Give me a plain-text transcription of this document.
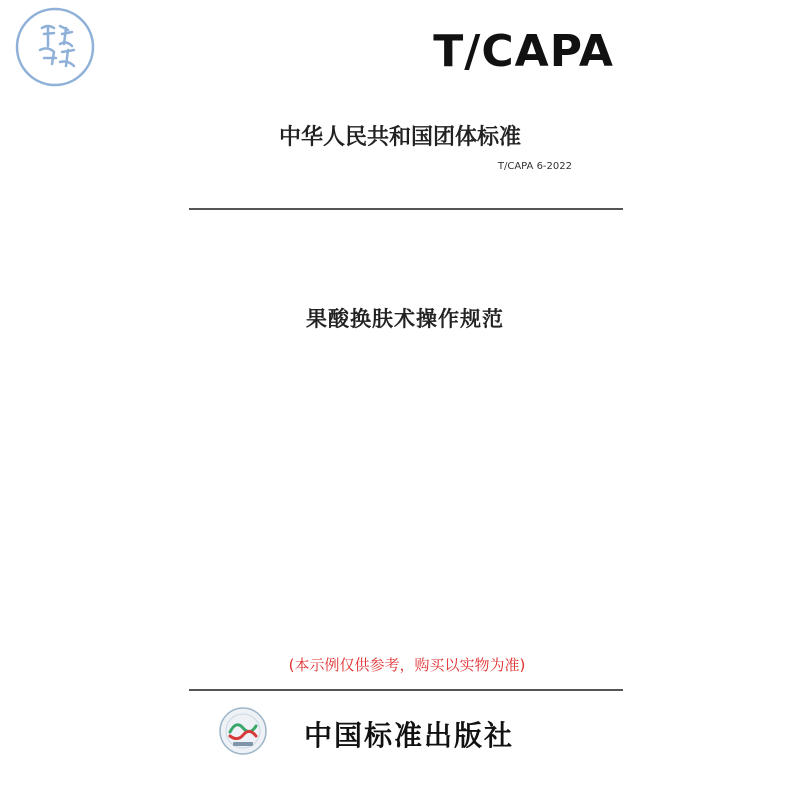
T/CAPA
中华人民共和国团体标准
T/CAPA 6-2022
果酸换肤术操作规范
(本示例仅供参考，购买以实物为准)
中国标准出版社
